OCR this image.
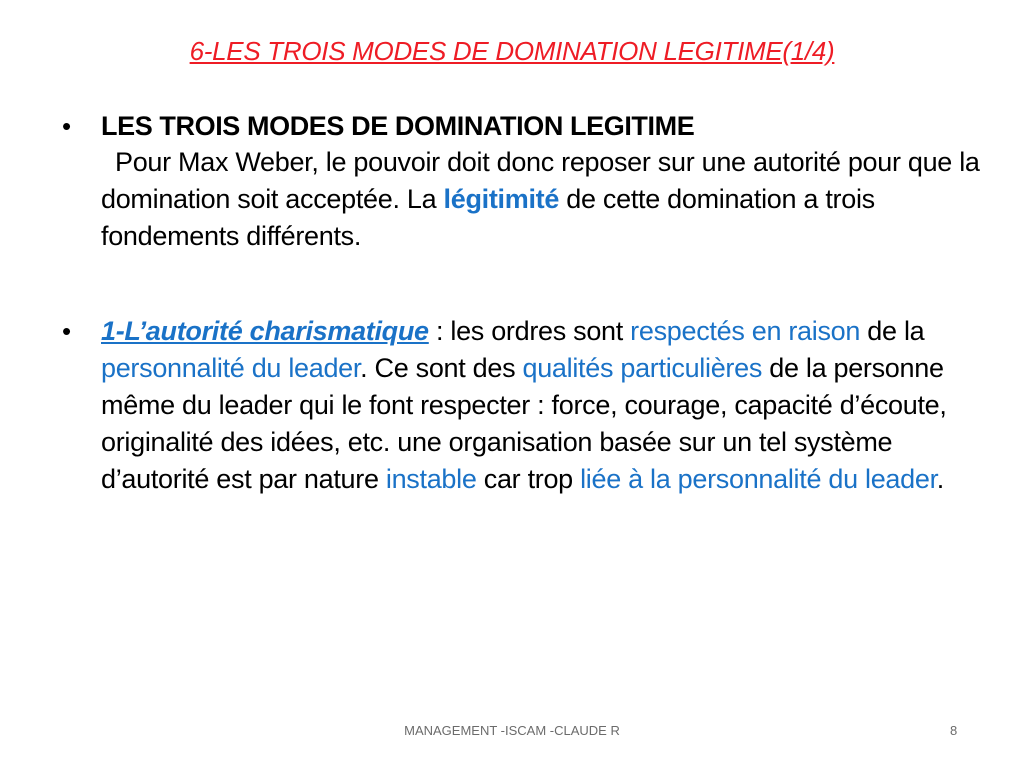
6-LES TROIS MODES DE DOMINATION LEGITIME(1/4)
• LES TROIS MODES DE DOMINATION LEGITIME
Pour Max Weber, le pouvoir doit donc reposer sur une autorité pour que la domination soit acceptée. La légitimité de cette domination a trois fondements différents.
• 1-L’autorité charismatique : les ordres sont respectés en raison de la personnalité du leader. Ce sont des qualités particulières de la personne même du leader qui le font respecter : force, courage, capacité d’écoute, originalité des idées, etc. une organisation basée sur un tel système d’autorité est par nature instable car trop liée à la personnalité du leader.
MANAGEMENT -ISCAM -CLAUDE R	8
